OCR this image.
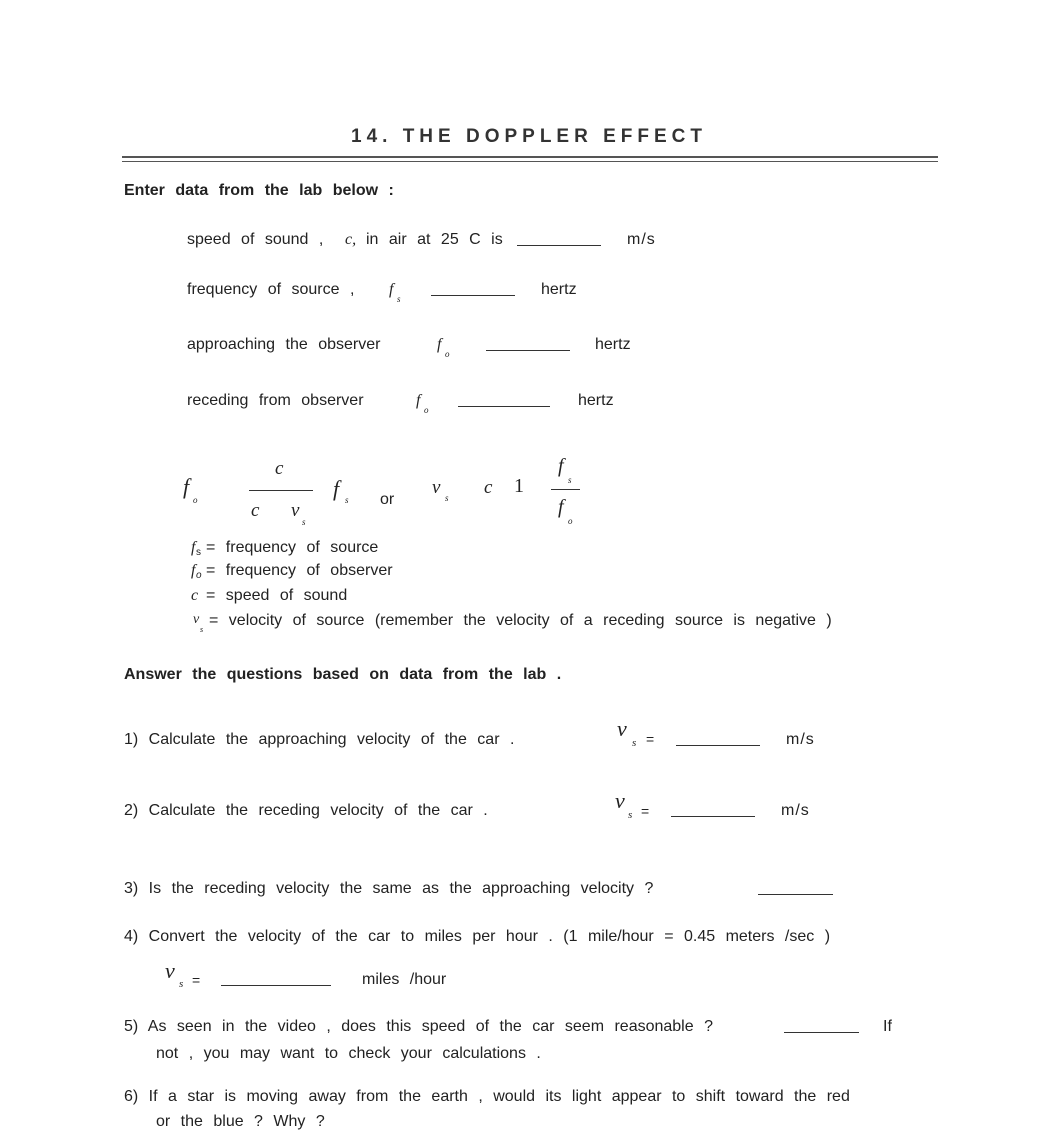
14. THE DOPPLER EFFECT
Enter data from the lab below :
speed of sound , c, in air at 25 C is	m/s
frequency of source , f
s
hertz
approaching the observer	f
o
hertz
receding from observer	f
o
hertz
f
o
c
c v
s
f s or
v s c 1
f
s
f
o
f s = frequency of source
f o = frequency of observer
c = speed of sound
v
s
= velocity of source (remember the velocity of a receding source is negative )
Answer the questions based on data from the lab .
1) Calculate the approaching velocity of the car .	v
s =	m/s
2) Calculate the receding velocity of the car .	v
s =	m/s
3) Is the receding velocity the same as the approaching velocity ?
4) Convert the velocity of the car to miles per hour . (1 mile/hour = 0.45 meters /sec )
v
s =	miles /hour
5) As seen in the video , does this speed of the car seem reasonable ?	If
not , you may want to check your calculations .
6) If a star is moving away from the earth , would its light appear to shift toward the red
or the blue ? Why ?
